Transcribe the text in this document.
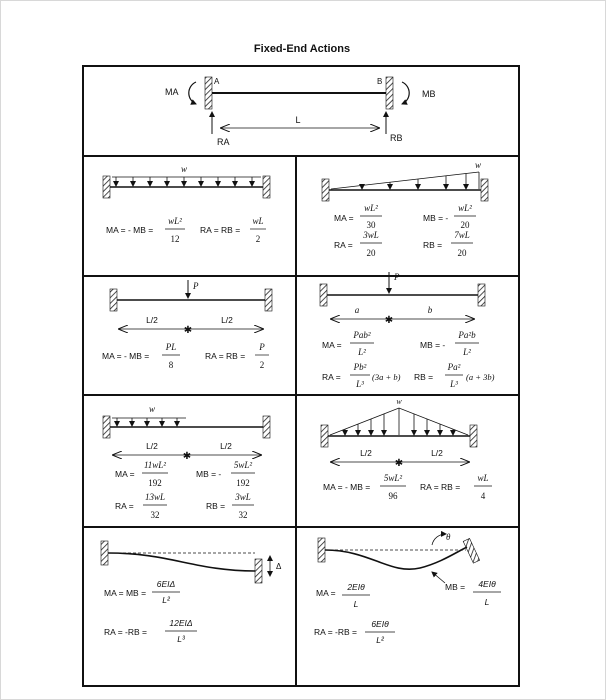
Fixed-End Actions
A	B
MA	MB
RA	RB
L
w
MA = - MB =
wL²
12
RA = RB =
wL
2
w
MA =
wL²
30
MB = -
wL²
20
RA =
3wL
20
RB =
7wL
20
P
✱
L/2	L/2
MA = - MB =
PL
8
RA = RB =
P
2
P
✱
a	b
MA =
Pab²
L²
MB = -
Pa²b
L²
RA =
Pb²
L³
(3a + b) RB =
Pa²
L³
(a + 3b)
w
✱
L/2	L/2
MA =
11wL²
192
MB = -
5wL²
192
RA =
13wL
32
RB =
3wL
32
w
✱
L/2	L/2
MA = - MB =
5wL²
96
RA = RB =
wL
4
Δ
MA = MB =
6EIΔ
L²
RA = -RB =
12EIΔ
L³
θ
MA =
2EIθ
L
MB = 4EIθ
L
RA = -RB =
6EIθ
L²
